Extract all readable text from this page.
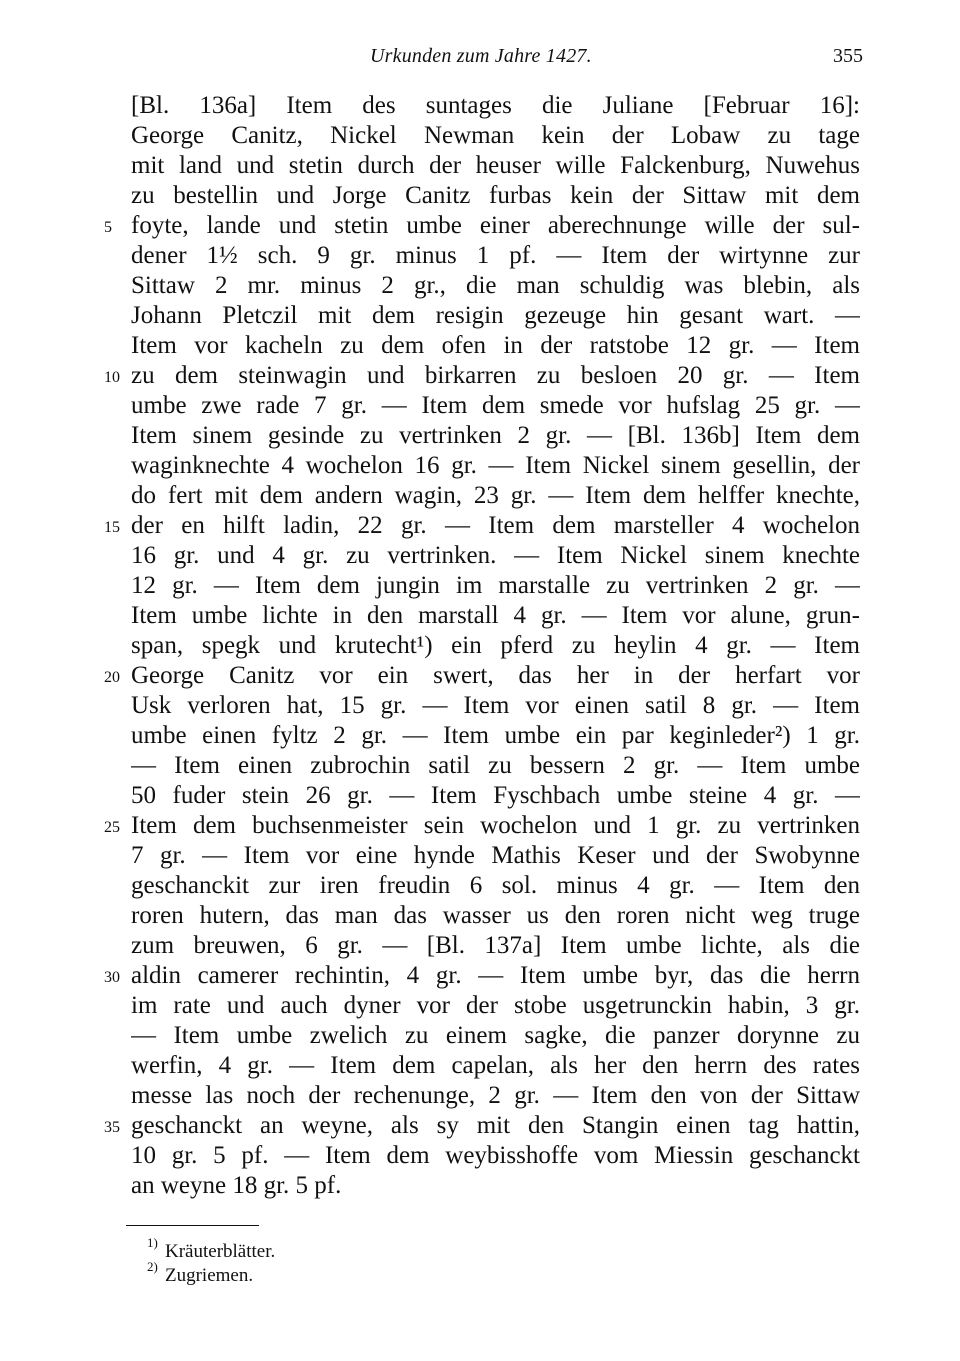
Urkunden zum Jahre 1427.	355
[Bl. 136a] Item des suntages die Juliane [Februar 16]:
George Canitz, Nickel Newman kein der Lobaw zu tage
mit land und stetin durch der heuser wille Falckenburg, Nuwehus
zu bestellin und Jorge Canitz furbas kein der Sittaw mit dem
foyte, lande und stetin umbe einer aberechnunge wille der sul-
dener 1½ sch. 9 gr. minus 1 pf. — Item der wirtynne zur
Sittaw 2 mr. minus 2 gr., die man schuldig was blebin, als
Johann Pletczil mit dem resigin gezeuge hin gesant wart. —
Item vor kacheln zu dem ofen in der ratstobe 12 gr. — Item
zu dem steinwagin und birkarren zu besloen 20 gr. — Item
umbe zwe rade 7 gr. — Item dem smede vor hufslag 25 gr. —
Item sinem gesinde zu vertrinken 2 gr. — [Bl. 136b] Item dem
waginknechte 4 wochelon 16 gr. — Item Nickel sinem gesellin, der
do fert mit dem andern wagin, 23 gr. — Item dem helffer knechte,
der en hilft ladin, 22 gr. — Item dem marsteller 4 wochelon
16 gr. und 4 gr. zu vertrinken. — Item Nickel sinem knechte
12 gr. — Item dem jungin im marstalle zu vertrinken 2 gr. —
Item umbe lichte in den marstall 4 gr. — Item vor alune, grun-
span, spegk und krutecht¹) ein pferd zu heylin 4 gr. — Item
George Canitz vor ein swert, das her in der herfart vor
Usk verloren hat, 15 gr. — Item vor einen satil 8 gr. — Item
umbe einen fyltz 2 gr. — Item umbe ein par keginleder²) 1 gr.
— Item einen zubrochin satil zu bessern 2 gr. — Item umbe
50 fuder stein 26 gr. — Item Fyschbach umbe steine 4 gr. —
Item dem buchsenmeister sein wochelon und 1 gr. zu vertrinken
7 gr. — Item vor eine hynde Mathis Keser und der Swobynne
geschanckit zur iren freudin 6 sol. minus 4 gr. — Item den
roren hutern, das man das wasser us den roren nicht weg truge
zum breuwen, 6 gr. — [Bl. 137a] Item umbe lichte, als die
aldin camerer rechintin, 4 gr. — Item umbe byr, das die herrn
im rate und auch dyner vor der stobe usgetrunckin habin, 3 gr.
— Item umbe zwelich zu einem sagke, die panzer dorynne zu
werfin, 4 gr. — Item dem capelan, als her den herrn des rates
messe las noch der rechenunge, 2 gr. — Item den von der Sittaw
geschanckt an weyne, als sy mit den Stangin einen tag hattin,
10 gr. 5 pf. — Item dem weybisshoffe vom Miessin geschanckt
an weyne 18 gr. 5 pf.
5
10
15
20
25
30
35
1) Kräuterblätter.
2) Zugriemen.
